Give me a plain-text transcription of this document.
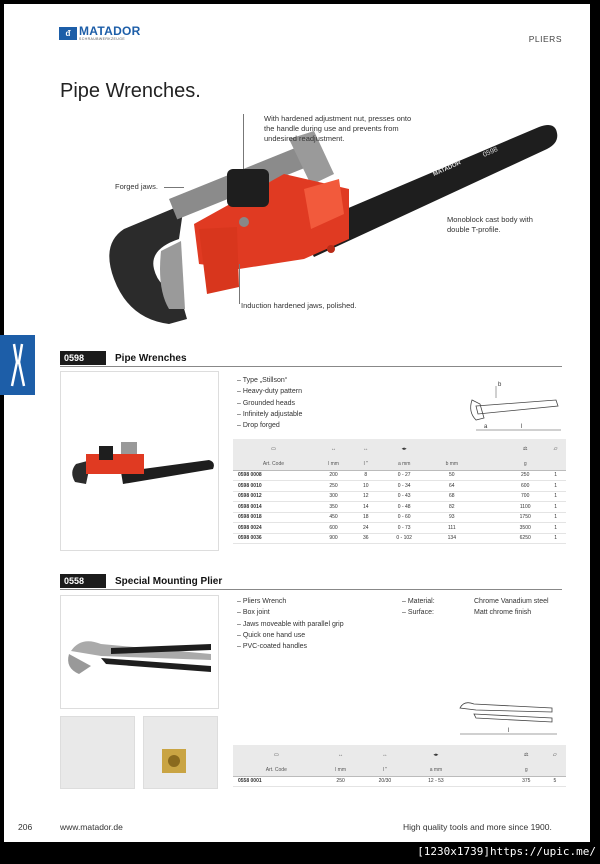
ᵭ MATADOR
SCHRAUBWERKZEUGE	PLIERS
Pipe Wrenches.
0598
MATADOR
With hardened adjustment nut, presses onto the handle during use and prevents from undesired readjustment.
Forged jaws.
Monoblock cast body with double T-profile.
Induction hardened jaws, polished.
0598	Pipe Wrenches
– Type „Stillson“
– Heavy-duty pattern
– Grounded heads
– Infinitely adjustable
– Drop forged
b
a	l
▭	↔	↔	◂▸					⚖	▱
Art. Code	l mm	l "	a mm	b mm				g	
0598 0008	200	8	0 - 27	50				250	1
0598 0010	250	10	0 - 34	64				600	1
0598 0012	300	12	0 - 43	68				700	1
0598 0014	350	14	0 - 48	82				1100	1
0598 0018	450	18	0 - 60	93				1750	1
0598 0024	600	24	0 - 73	111				3500	1
0598 0036	900	36	0 - 102	134				6250	1
0558	Special Mounting Plier
– Pliers Wrench
– Box joint
– Jaws moveable with parallel grip
– Quick one hand use
– PVC-coated handles
– Material:	Chrome Vanadium steel
– Surface:	Matt chrome finish
l
▭	↔	↔	◂▸					⚖	▱
Art. Code	l mm	l "	a mm					g	
0558 0001	250	20/30	12 - 53					375	5
206	www.matador.de	High quality tools and more since 1900.
[1230x1739]https://upic.me/
